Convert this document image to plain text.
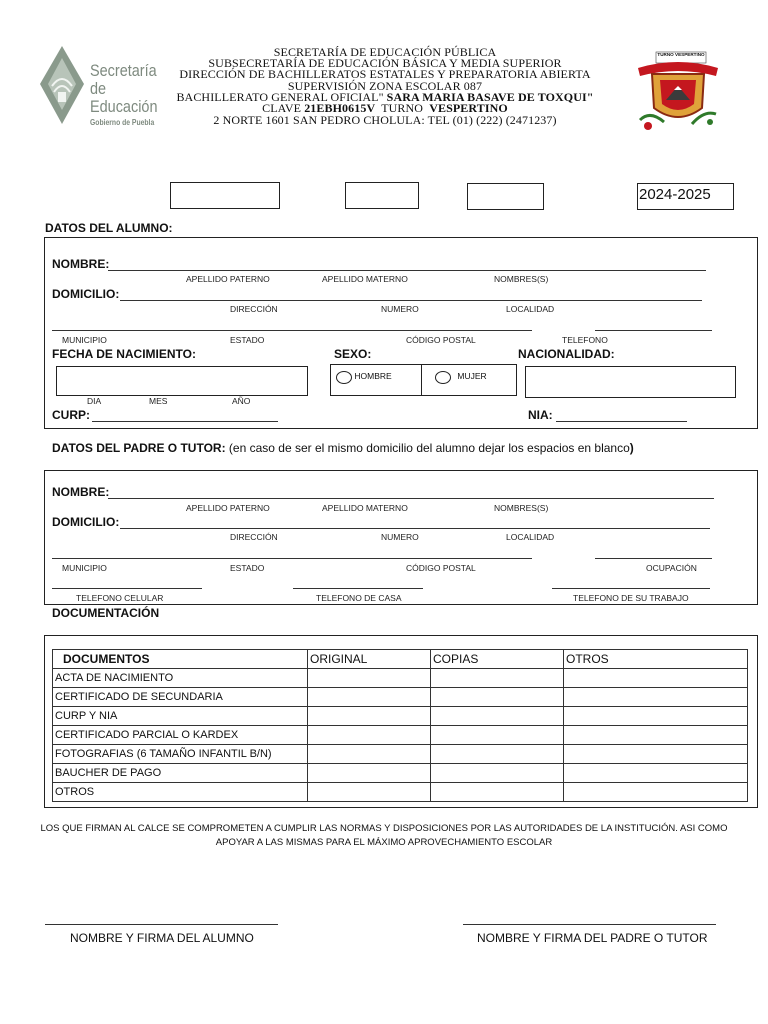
Secretaría
de Educación
Gobierno de Puebla
SECRETARÍA DE EDUCACIÓN PÚBLICA
SUBSECRETARÍA DE EDUCACIÓN BÁSICA Y MEDIA SUPERIOR
DIRECCIÓN DE BACHILLERATOS ESTATALES Y PREPARATORIA ABIERTA
SUPERVISIÓN ZONA ESCOLAR 087
BACHILLERATO GENERAL OFICIAL" SARA MARIA BASAVE DE TOXQUI"
CLAVE 21EBH0615V  TURNO  VESPERTINO
2 NORTE 1601 SAN PEDRO CHOLULA: TEL (01) (222) (2471237)
TURNO VESPERTINO
2024-2025
DATOS DEL ALUMNO:
NOMBRE:
APELLIDO PATERNO	APELLIDO MATERNO	NOMBRES(S)
DOMICILIO:
DIRECCIÓN	NUMERO	LOCALIDAD
MUNICIPIO	ESTADO	CÓDIGO POSTAL	TELEFONO
FECHA DE NACIMIENTO:	SEXO:	NACIONALIDAD:
DIA	MES	AÑO
HOMBRE	MUJER
CURP:	NIA:
DATOS DEL PADRE O TUTOR: (en caso de ser el mismo domicilio del alumno dejar los espacios en blanco)
NOMBRE:
APELLIDO PATERNO	APELLIDO MATERNO	NOMBRES(S)
DOMICILIO:
DIRECCIÓN	NUMERO	LOCALIDAD
MUNICIPIO	ESTADO	CÓDIGO POSTAL	OCUPACIÓN
TELEFONO CELULAR	TELEFONO DE CASA	TELEFONO DE SU TRABAJO
DOCUMENTACIÓN
DOCUMENTOS	ORIGINAL	COPIAS	OTROS
ACTA DE NACIMIENTO			
CERTIFICADO DE SECUNDARIA			
CURP Y NIA			
CERTIFICADO PARCIAL O KARDEX			
FOTOGRAFIAS (6 TAMAÑO INFANTIL B/N)			
BAUCHER DE PAGO			
OTROS			
LOS QUE FIRMAN AL CALCE SE COMPROMETEN A CUMPLIR LAS NORMAS Y DISPOSICIONES POR LAS AUTORIDADES DE LA INSTITUCIÓN. ASI COMO
APOYAR A LAS MISMAS PARA EL MÁXIMO APROVECHAMIENTO ESCOLAR
NOMBRE Y FIRMA DEL ALUMNO	NOMBRE Y FIRMA DEL PADRE O TUTOR
